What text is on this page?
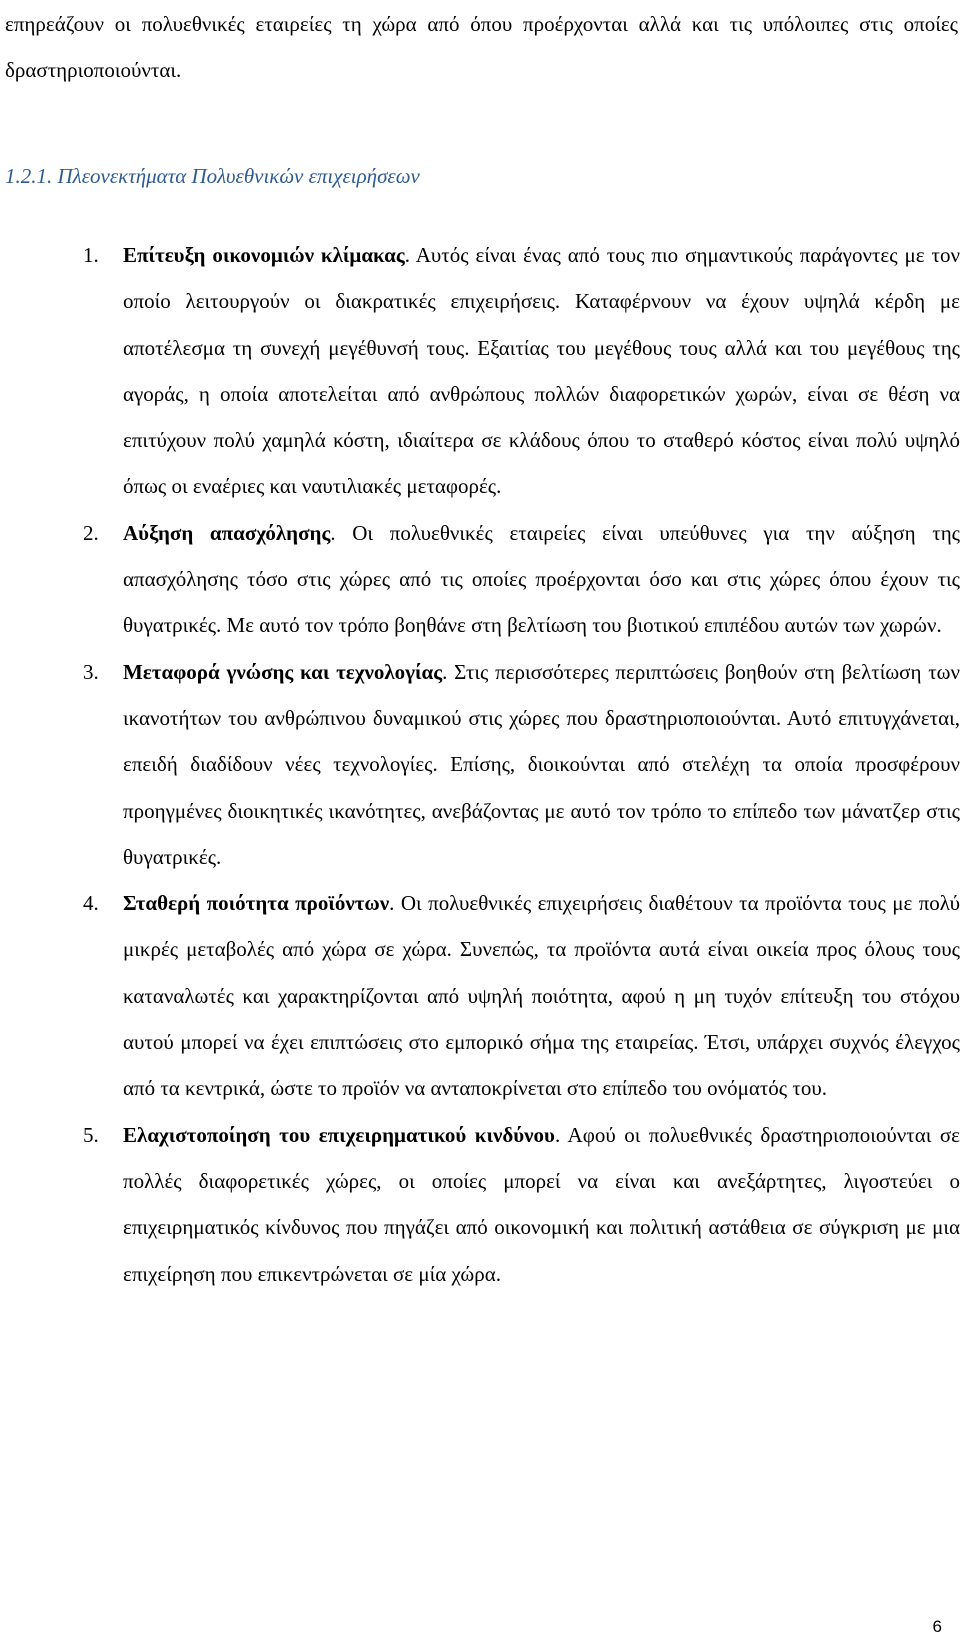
επηρεάζουν οι πολυεθνικές εταιρείες τη χώρα από όπου προέρχονται αλλά και τις υπόλοιπες στις οποίες δραστηριοποιούνται.

1.2.1. Πλεονεκτήματα Πολυεθνικών επιχειρήσεων
1. Επίτευξη οικονομιών κλίμακας. Αυτός είναι ένας από τους πιο σημαντικούς παράγοντες με τον οποίο λειτουργούν οι διακρατικές επιχειρήσεις. Καταφέρνουν να έχουν υψηλά κέρδη με αποτέλεσμα τη συνεχή μεγέθυνσή τους. Εξαιτίας του μεγέθους τους αλλά και του μεγέθους της αγοράς, η οποία αποτελείται από ανθρώπους πολλών διαφορετικών χωρών, είναι σε θέση να επιτύχουν πολύ χαμηλά κόστη, ιδιαίτερα σε κλάδους όπου το σταθερό κόστος είναι πολύ υψηλό όπως οι εναέριες και ναυτιλιακές μεταφορές.
2. Αύξηση απασχόλησης. Οι πολυεθνικές εταιρείες είναι υπεύθυνες για την αύξηση της απασχόλησης τόσο στις χώρες από τις οποίες προέρχονται όσο και στις χώρες όπου έχουν τις θυγατρικές. Με αυτό τον τρόπο βοηθάνε στη βελτίωση του βιοτικού επιπέδου αυτών των χωρών.
3. Μεταφορά γνώσης και τεχνολογίας. Στις περισσότερες περιπτώσεις βοηθούν στη βελτίωση των ικανοτήτων του ανθρώπινου δυναμικού στις χώρες που δραστηριοποιούνται. Αυτό επιτυγχάνεται, επειδή διαδίδουν νέες τεχνολογίες. Επίσης, διοικούνται από στελέχη τα οποία προσφέρουν προηγμένες διοικητικές ικανότητες, ανεβάζοντας με αυτό τον τρόπο το επίπεδο των μάνατζερ στις θυγατρικές.
4. Σταθερή ποιότητα προϊόντων. Οι πολυεθνικές επιχειρήσεις διαθέτουν τα προϊόντα τους με πολύ μικρές μεταβολές από χώρα σε χώρα. Συνεπώς, τα προϊόντα αυτά είναι οικεία προς όλους τους καταναλωτές και χαρακτηρίζονται από υψηλή ποιότητα, αφού η μη τυχόν επίτευξη του στόχου αυτού μπορεί να έχει επιπτώσεις στο εμπορικό σήμα της εταιρείας. Έτσι, υπάρχει συχνός έλεγχος από τα κεντρικά, ώστε το προϊόν να ανταποκρίνεται στο επίπεδο του ονόματός του.
5. Ελαχιστοποίηση του επιχειρηματικού κινδύνου. Αφού οι πολυεθνικές δραστηριοποιούνται σε πολλές διαφορετικές χώρες, οι οποίες μπορεί να είναι και ανεξάρτητες, λιγοστεύει ο επιχειρηματικός κίνδυνος που πηγάζει από οικονομική και πολιτική αστάθεια σε σύγκριση με μια επιχείρηση που επικεντρώνεται σε μία χώρα.

6
